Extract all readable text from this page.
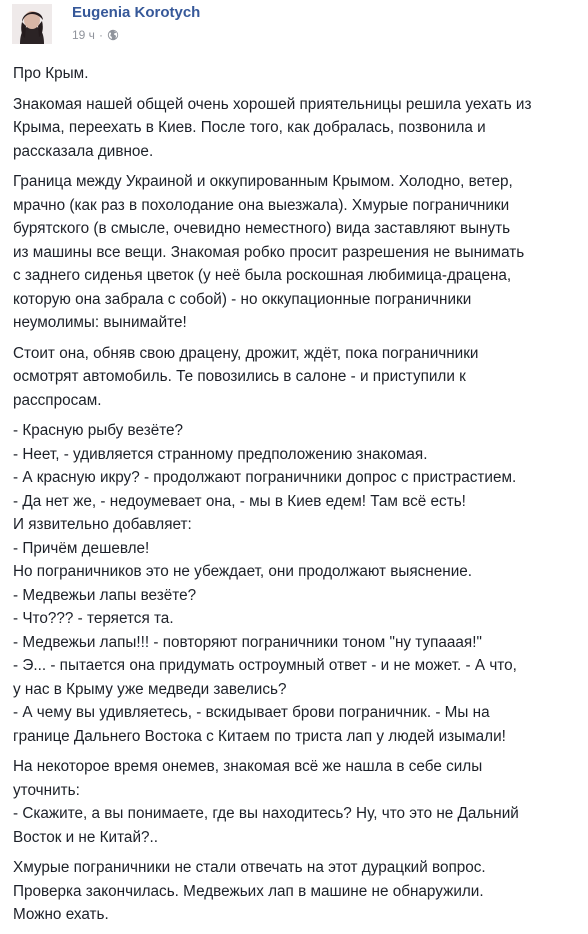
Eugenia Korotych
19 ч ·

Про Крым.

Знакомая нашей общей очень хорошей приятельницы решила уехать из
Крыма, переехать в Киев. После того, как добралась, позвонила и
рассказала дивное.

Граница между Украиной и оккупированным Крымом. Холодно, ветер,
мрачно (как раз в похолодание она выезжала). Хмурые пограничники
бурятского (в смысле, очевидно неместного) вида заставляют вынуть
из машины все вещи. Знакомая робко просит разрешения не вынимать
с заднего сиденья цветок (у неё была роскошная любимица-драцена,
которую она забрала с собой) - но оккупационные пограничники
неумолимы: вынимайте!

Стоит она, обняв свою драцену, дрожит, ждёт, пока пограничники
осмотрят автомобиль. Те повозились в салоне - и приступили к
расспросам.

- Красную рыбу везёте?
- Неет, - удивляется странному предположению знакомая.
- А красную икру? - продолжают пограничники допрос с пристрастием.
- Да нет же, - недоумевает она, - мы в Киев едем! Там всё есть!
И язвительно добавляет:
- Причём дешевле!
Но пограничников это не убеждает, они продолжают выяснение.
- Медвежьи лапы везёте?
- Что??? - теряется та.
- Медвежьи лапы!!! - повторяют пограничники тоном "ну тупааая!"
- Э... - пытается она придумать остроумный ответ - и не может. - А что,
у нас в Крыму уже медведи завелись?
- А чему вы удивляетесь, - вскидывает брови пограничник. - Мы на
границе Дальнего Востока с Китаем по триста лап у людей изымали!

На некоторое время онемев, знакомая всё же нашла в себе силы
уточнить:
- Скажите, а вы понимаете, где вы находитесь? Ну, что это не Дальний
Восток и не Китай?..

Хмурые пограничники не стали отвечать на этот дурацкий вопрос.
Проверка закончилась. Медвежьих лап в машине не обнаружили.
Можно ехать.
